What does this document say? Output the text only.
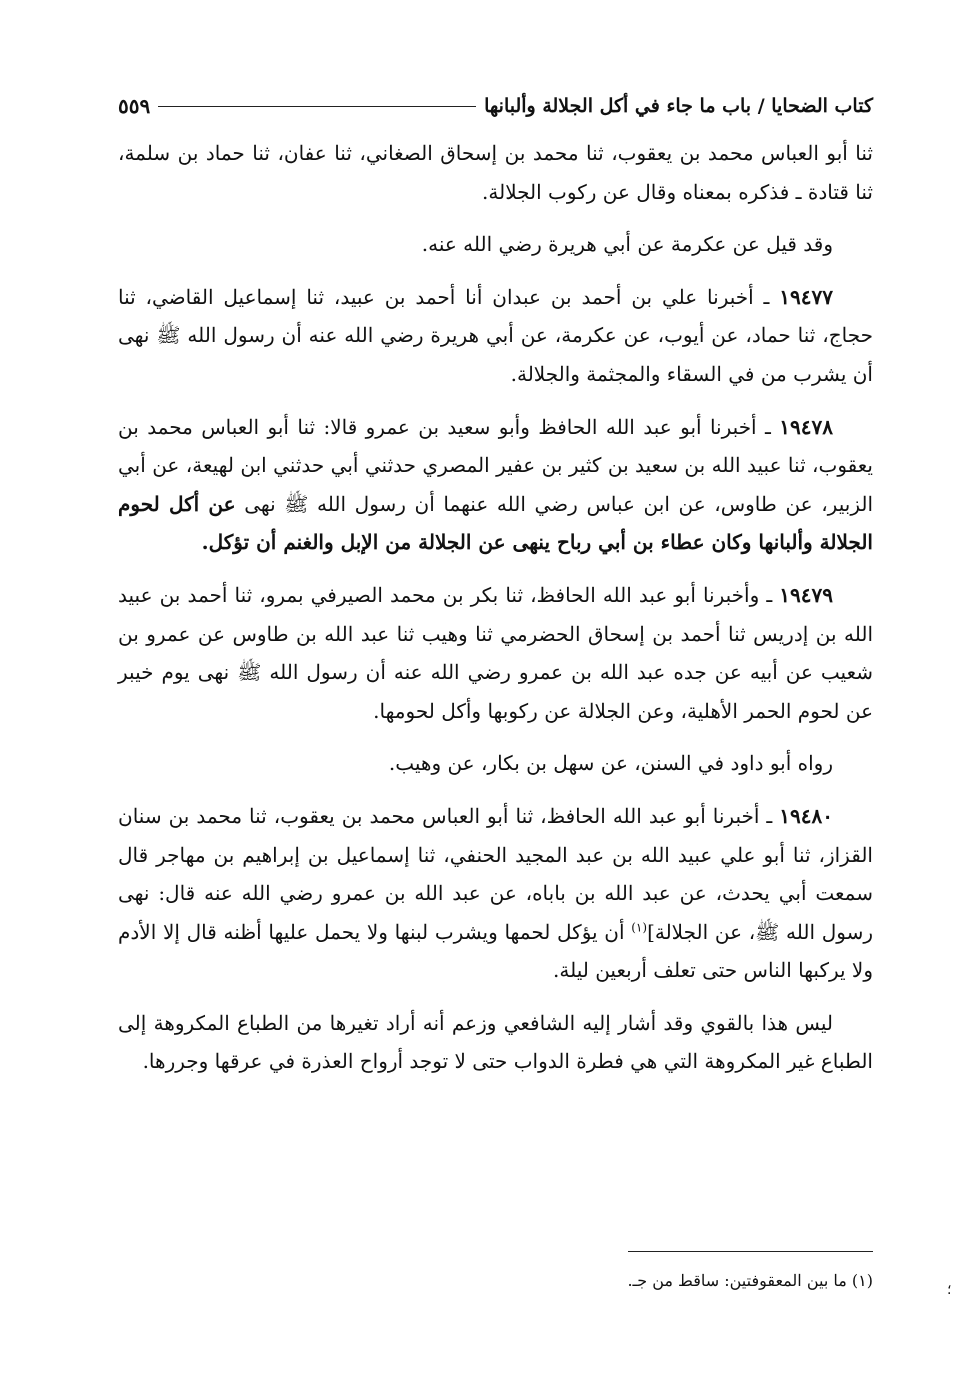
كتاب الضحايا / باب ما جاء في أكل الجلالة وألبانها
٥٥٩

ثنا أبو العباس محمد بن يعقوب، ثنا محمد بن إسحاق الصغاني، ثنا عفان، ثنا حماد بن سلمة، ثنا قتادة ـ فذكره بمعناه وقال عن ركوب الجلالة.

وقد قيل عن عكرمة عن أبي هريرة رضي الله عنه.

١٩٤٧٧ ـ أخبرنا علي بن أحمد بن عبدان أنا أحمد بن عبيد، ثنا إسماعيل القاضي، ثنا حجاج، ثنا حماد، عن أيوب، عن عكرمة، عن أبي هريرة رضي الله عنه أن رسول الله ﷺ نهى أن يشرب من في السقاء والمجثمة والجلالة.

١٩٤٧٨ ـ أخبرنا أبو عبد الله الحافظ وأبو سعيد بن عمرو قالا: ثنا أبو العباس محمد بن يعقوب، ثنا عبيد الله بن سعيد بن كثير بن عفير المصري حدثني أبي حدثني ابن لهيعة، عن أبي الزبير، عن طاوس، عن ابن عباس رضي الله عنهما أن رسول الله ﷺ نهى عن أكل لحوم الجلالة وألبانها وكان عطاء بن أبي رباح ينهى عن الجلالة من الإبل والغنم أن تؤكل.

١٩٤٧٩ ـ وأخبرنا أبو عبد الله الحافظ، ثنا بكر بن محمد الصيرفي بمرو، ثنا أحمد بن عبيد الله بن إدريس ثنا أحمد بن إسحاق الحضرمي ثنا وهيب ثنا عبد الله بن طاوس عن عمرو بن شعيب عن أبيه عن جده عبد الله بن عمرو رضي الله عنه أن رسول الله ﷺ نهى يوم خيبر عن لحوم الحمر الأهلية، وعن الجلالة عن ركوبها وأكل لحومها.

رواه أبو داود في السنن، عن سهل بن بكار، عن وهيب.

١٩٤٨٠ ـ أخبرنا أبو عبد الله الحافظ، ثنا أبو العباس محمد بن يعقوب، ثنا محمد بن سنان القزاز، ثنا أبو علي عبيد الله بن عبد المجيد الحنفي، ثنا إسماعيل بن إبراهيم بن مهاجر قال سمعت أبي يحدث، عن عبد الله بن باباه، عن عبد الله بن عمرو رضي الله عنه قال: نهى رسول الله ﷺ، عن الجلالة]$^{(١)}$ أن يؤكل لحمها ويشرب لبنها ولا يحمل عليها أظنه قال إلا الأدم ولا يركبها الناس حتى تعلف أربعين ليلة.

ليس هذا بالقوي وقد أشار إليه الشافعي وزعم أنه أراد تغيرها من الطباع المكروهة إلى الطباع غير المكروهة التي هي فطرة الدواب حتى لا توجد أرواح العذرة في عرقها وجررها.

(١) ما بين المعقوفتين: ساقط من جـ.	؛
